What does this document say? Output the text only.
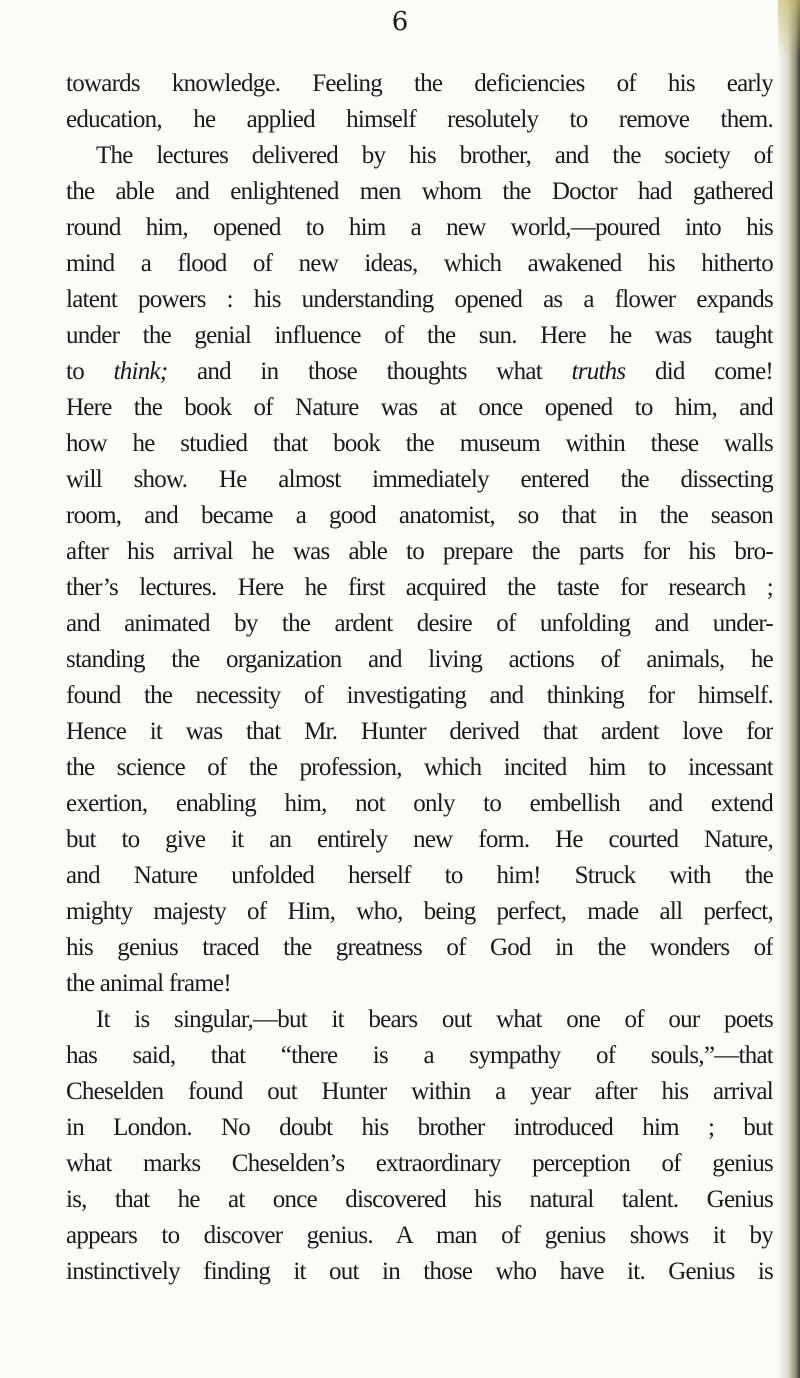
6
towards knowledge. Feeling the deficiencies of his early
education, he applied himself resolutely to remove them.
The lectures delivered by his brother, and the society of
the able and enlightened men whom the Doctor had gathered
round him, opened to him a new world,—poured into his
mind a flood of new ideas, which awakened his hitherto
latent powers : his understanding opened as a flower expands
under the genial influence of the sun. Here he was taught
to think; and in those thoughts what truths did come!
Here the book of Nature was at once opened to him, and
how he studied that book the museum within these walls
will show. He almost immediately entered the dissecting
room, and became a good anatomist, so that in the season
after his arrival he was able to prepare the parts for his bro-
ther’s lectures. Here he first acquired the taste for research ;
and animated by the ardent desire of unfolding and under-
standing the organization and living actions of animals, he
found the necessity of investigating and thinking for himself.
Hence it was that Mr. Hunter derived that ardent love for
the science of the profession, which incited him to incessant
exertion, enabling him, not only to embellish and extend
but to give it an entirely new form. He courted Nature,
and Nature unfolded herself to him! Struck with the
mighty majesty of Him, who, being perfect, made all perfect,
his genius traced the greatness of God in the wonders of
the animal frame!
It is singular,—but it bears out what one of our poets
has said, that “there is a sympathy of souls,”—that
Cheselden found out Hunter within a year after his arrival
in London. No doubt his brother introduced him ; but
what marks Cheselden’s extraordinary perception of genius
is, that he at once discovered his natural talent. Genius
appears to discover genius. A man of genius shows it by
instinctively finding it out in those who have it. Genius is
